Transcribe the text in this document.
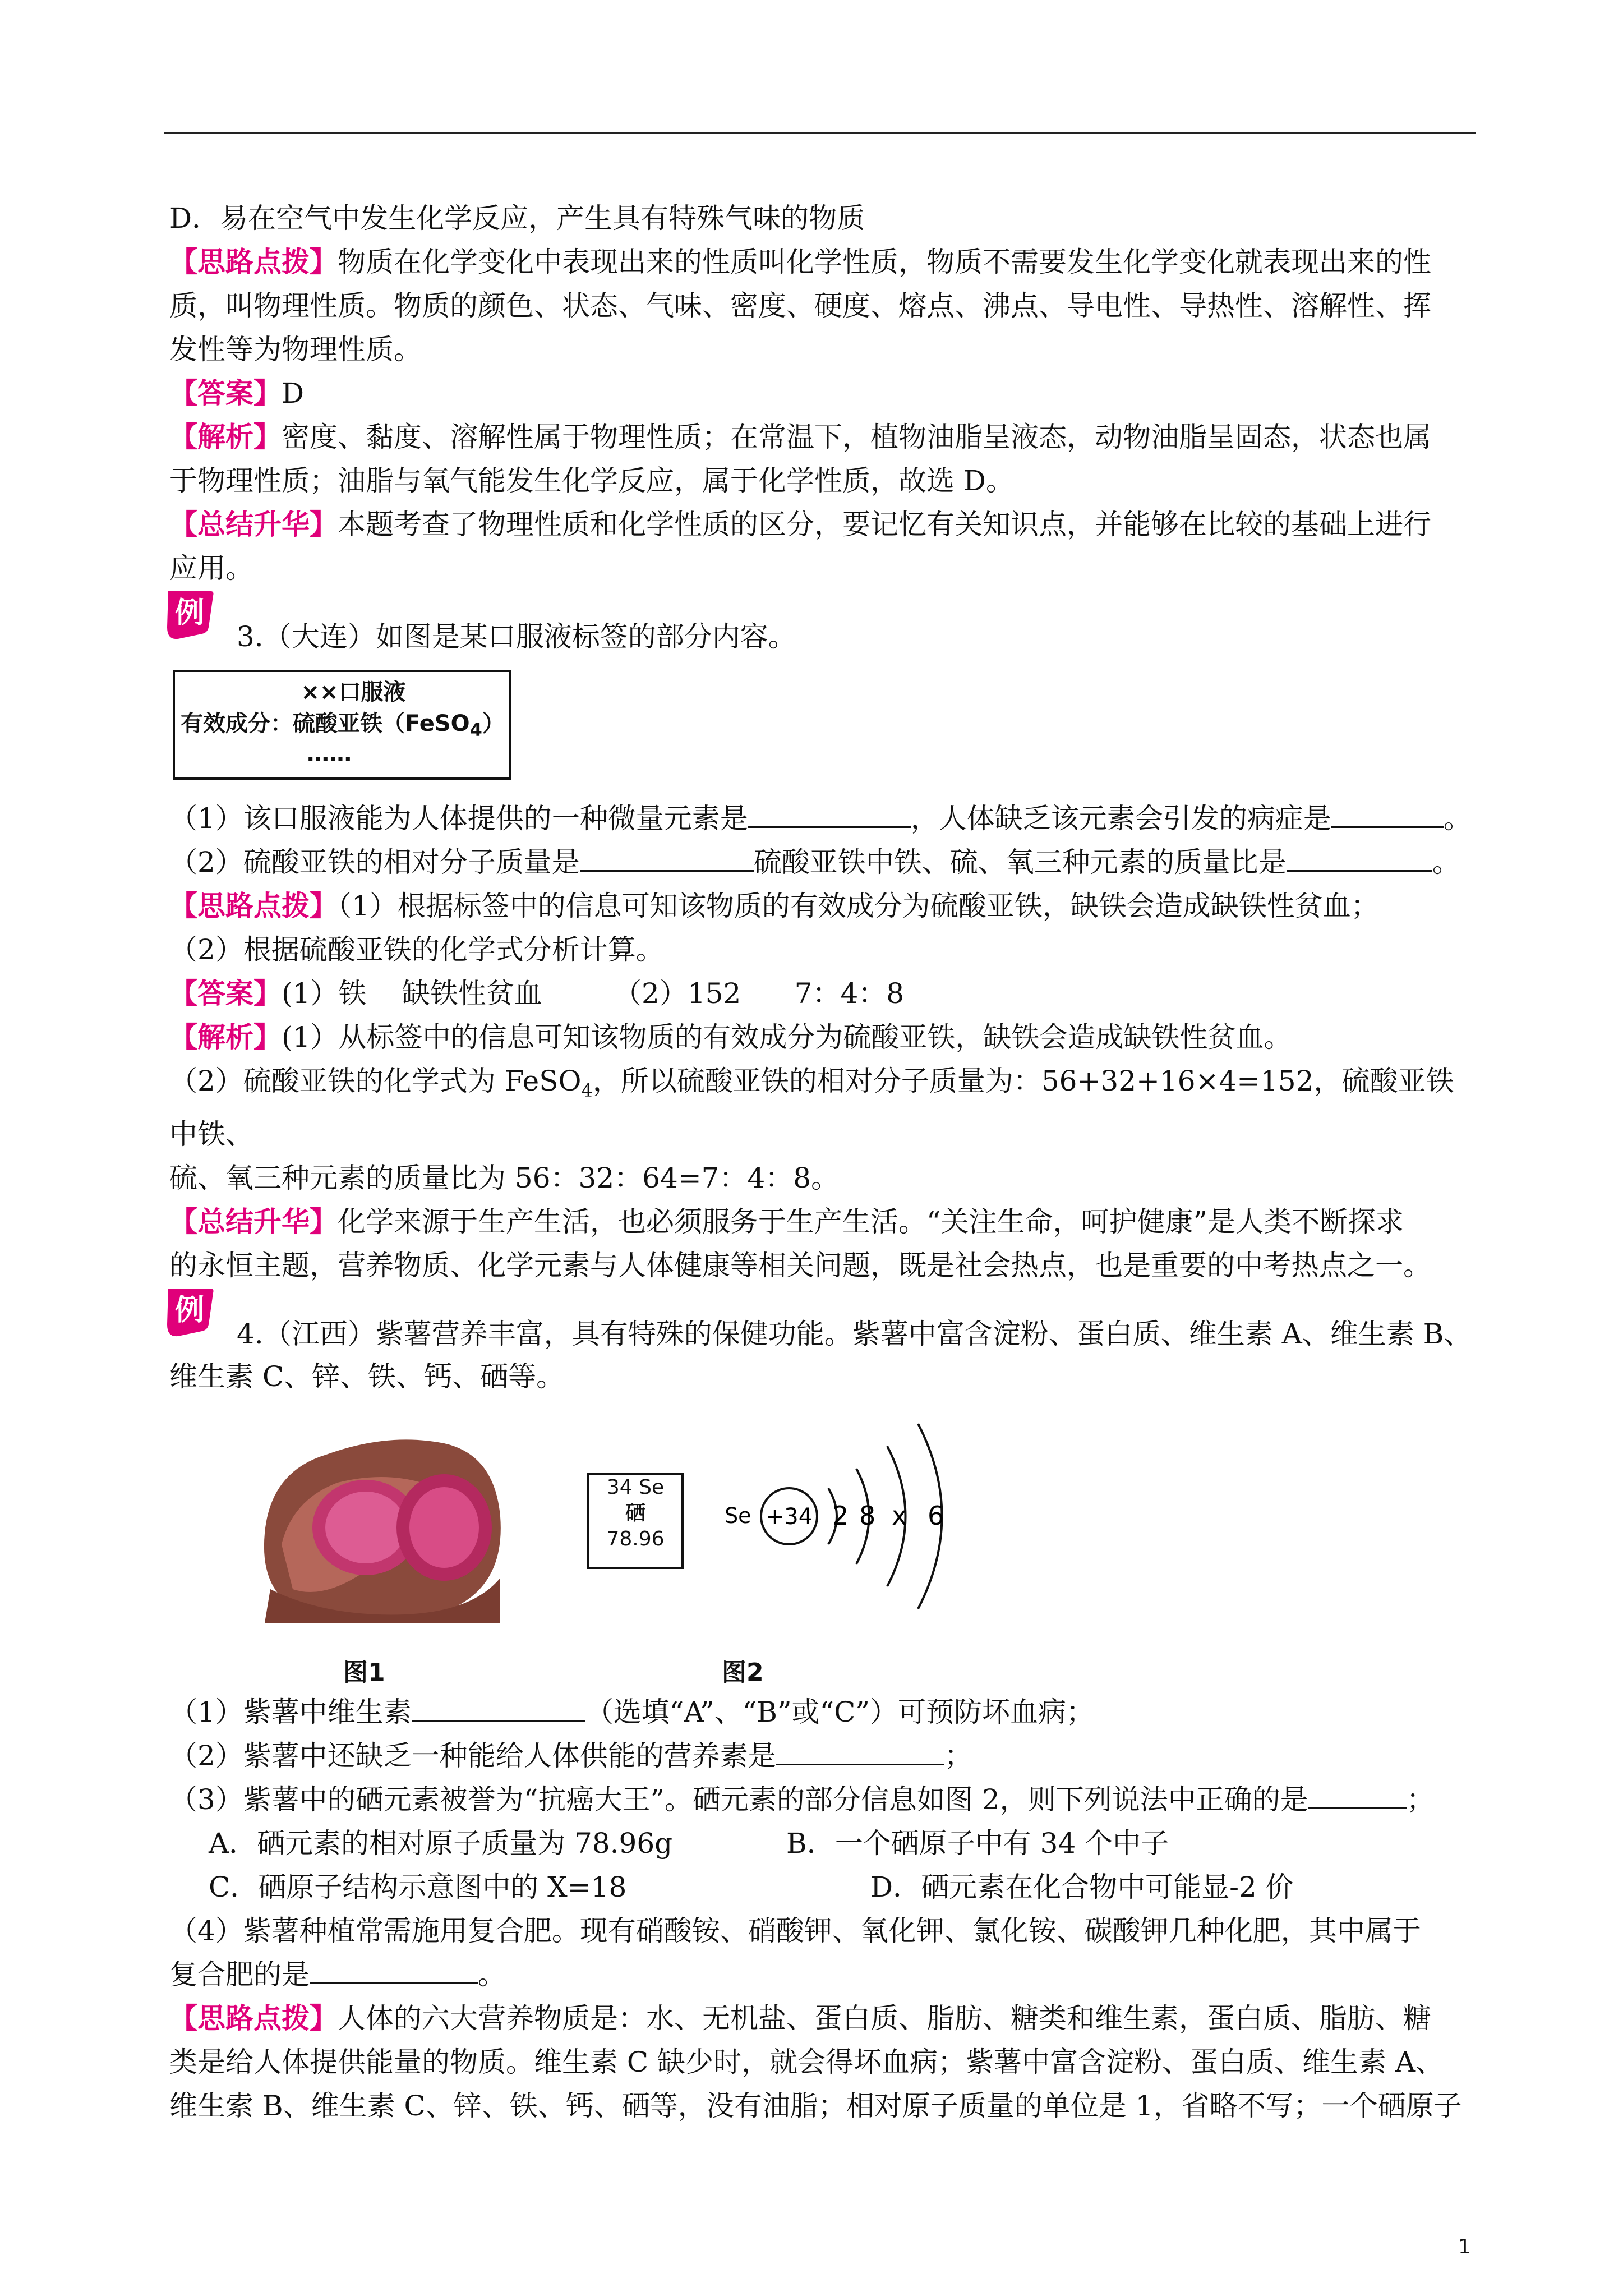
D．易在空气中发生化学反应，产生具有特殊气味的物质

【思路点拨】物质在化学变化中表现出来的性质叫化学性质，物质不需要发生化学变化就表现出来的性

质，叫物理性质。物质的颜色、状态、气味、密度、硬度、熔点、沸点、导电性、导热性、溶解性、挥

发性等为物理性质。

【答案】D

【解析】密度、黏度、溶解性属于物理性质；在常温下，植物油脂呈液态，动物油脂呈固态，状态也属

于物理性质；油脂与氧气能发生化学反应，属于化学性质，故选 D。

【总结升华】本题考查了物理性质和化学性质的区分，要记忆有关知识点，并能够在比较的基础上进行

应用。

例
3.（大连）如图是某口服液标签的部分内容。
××口服液
有效成分：硫酸亚铁（FeSO$_4$）
……

（1）该口服液能为人体提供的一种微量元素是	，人体缺乏该元素会引发的病症是	。

（2）硫酸亚铁的相对分子质量是	硫酸亚铁中铁、硫、氧三种元素的质量比是	。

【思路点拨】（1）根据标签中的信息可知该物质的有效成分为硫酸亚铁，缺铁会造成缺铁性贫血；

（2）根据硫酸亚铁的化学式分析计算。

【答案】(1）铁    缺铁性贫血        （2）152      7：4：8

【解析】(1）从标签中的信息可知该物质的有效成分为硫酸亚铁，缺铁会造成缺铁性贫血。

（2）硫酸亚铁的化学式为 FeSO$_4$，所以硫酸亚铁的相对分子质量为：56+32+16×4=152，硫酸亚铁中铁、

硫、氧三种元素的质量比为 56：32：64=7：4：8。

【总结升华】化学来源于生产生活，也必须服务于生产生活。“关注生命，呵护健康”是人类不断探求

的永恒主题，营养物质、化学元素与人体健康等相关问题，既是社会热点，也是重要的中考热点之一。

例
4.（江西）紫薯营养丰富，具有特殊的保健功能。紫薯中富含淀粉、蛋白质、维生素 A、维生素 B、

维生素 C、锌、铁、钙、硒等。

34 Se
硒
78.96
Se +34 2 8 x 6
图1	图2

（1）紫薯中维生素	（选填“A”、“B”或“C”）可预防坏血病；

（2）紫薯中还缺乏一种能给人体供能的营养素是	；

（3）紫薯中的硒元素被誉为“抗癌大王”。硒元素的部分信息如图 2，则下列说法中正确的是	；

A．硒元素的相对原子质量为 78.96g	B．一个硒原子中有 34 个中子
C．硒原子结构示意图中的 X=18	D．硒元素在化合物中可能显-2 价

（4）紫薯种植常需施用复合肥。现有硝酸铵、硝酸钾、氧化钾、氯化铵、碳酸钾几种化肥，其中属于

复合肥的是	。

【思路点拨】人体的六大营养物质是：水、无机盐、蛋白质、脂肪、糖类和维生素，蛋白质、脂肪、糖

类是给人体提供能量的物质。维生素 C 缺少时，就会得坏血病；紫薯中富含淀粉、蛋白质、维生素 A、

维生索 B、维生素 C、锌、铁、钙、硒等，没有油脂；相对原子质量的单位是 1，省略不写；一个硒原子

1
